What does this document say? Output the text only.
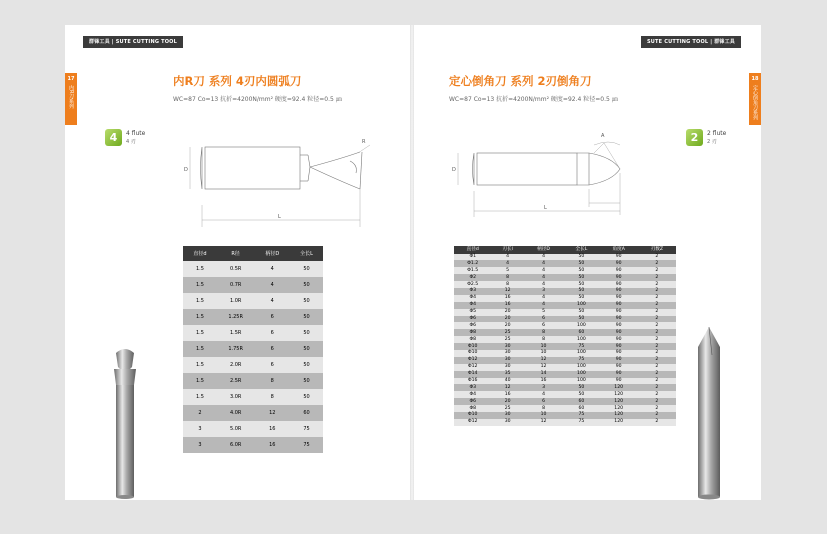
群锋工具 | SUTE CUTTING TOOL
17
内R刀系列
内R刀 系列 4刃内圆弧刀
WC=87 Co=13 抗折=4200N/mm² 硬度=92.4 粒径=0.5 ㎛
4	4 flute
4 刃
D
L
R
直径d	R径	柄径D	全长L
1.5	0.5R	4	50
1.5	0.7R	4	50
1.5	1.0R	4	50
1.5	1.25R	6	50
1.5	1.5R	6	50
1.5	1.75R	6	50
1.5	2.0R	6	50
1.5	2.5R	8	50
1.5	3.0R	8	50
2	4.0R	12	60
3	5.0R	16	75
3	6.0R	16	75
SUTE CUTTING TOOL | 群锋工具
18
定心倒角刀系列
定心倒角刀 系列 2刃倒角刀
WC=87 Co=13 抗折=4200N/mm² 硬度=92.4 粒径=0.5 ㎛
2	2 flute
2 刃
D
L
A
直径d	刃长l	柄径D	全长L	角度A	刃数Z
Φ1	4	4	50	90	2
Φ1.2	4	4	50	90	2
Φ1.5	5	4	50	90	2
Φ2	8	4	50	90	2
Φ2.5	8	4	50	90	2
Φ3	12	3	50	90	2
Φ4	16	4	50	90	2
Φ4	16	4	100	90	2
Φ5	20	5	50	90	2
Φ6	20	6	50	90	2
Φ6	20	6	100	90	2
Φ8	25	8	60	90	2
Φ8	25	8	100	90	2
Φ10	30	10	75	90	2
Φ10	30	10	100	90	2
Φ12	30	12	75	90	2
Φ12	30	12	100	90	2
Φ14	35	14	100	90	2
Φ16	40	16	100	90	2
Φ3	12	3	50	120	2
Φ4	16	4	50	120	2
Φ6	20	6	60	120	2
Φ8	25	8	60	120	2
Φ10	30	10	75	120	2
Φ12	30	12	75	120	2
